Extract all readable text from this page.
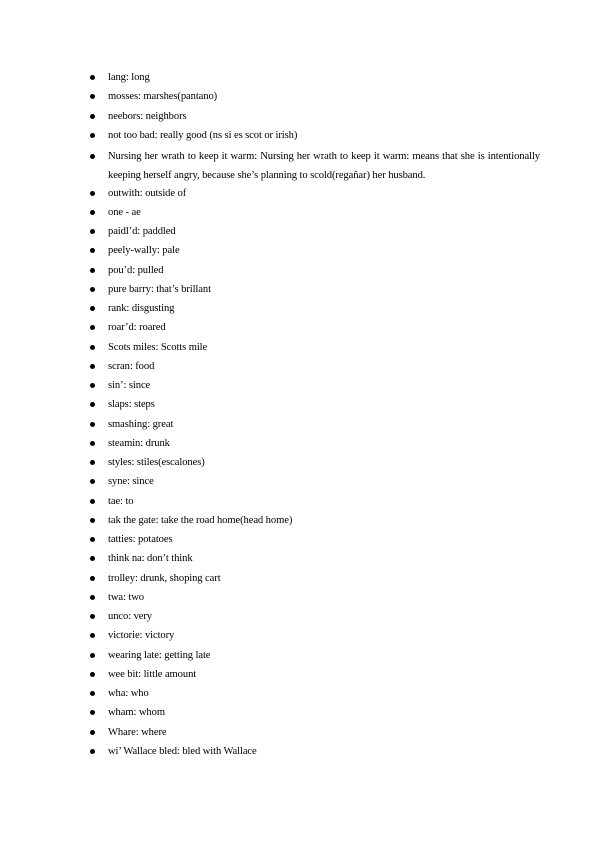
lang: long
mosses: marshes(pantano)
neebors: neighbors
not too bad: really good (ns si es scot or irish)
Nursing her wrath to keep it warm: Nursing her wrath to keep it warm: means that she is intentionally keeping herself angry, because she’s planning to scold(regañar) her husband.
outwith: outside of
one - ae
paidl’d: paddled
peely-wally: pale
pou’d: pulled
pure barry: that’s brillant
rank: disgusting
roar’d: roared
Scots miles: Scotts mile
scran: food
sin’: since
slaps: steps
smashing: great
steamin: drunk
styles: stiles(escalones)
syne: since
tae: to
tak the gate: take the road home(head home)
tatties: potatoes
think na: don’t think
trolley: drunk, shoping cart
twa: two
unco: very
victorie: victory
wearing late: getting late
wee bit: little amount
wha: who
wham: whom
Whare: where
wi’ Wallace bled: bled with Wallace
